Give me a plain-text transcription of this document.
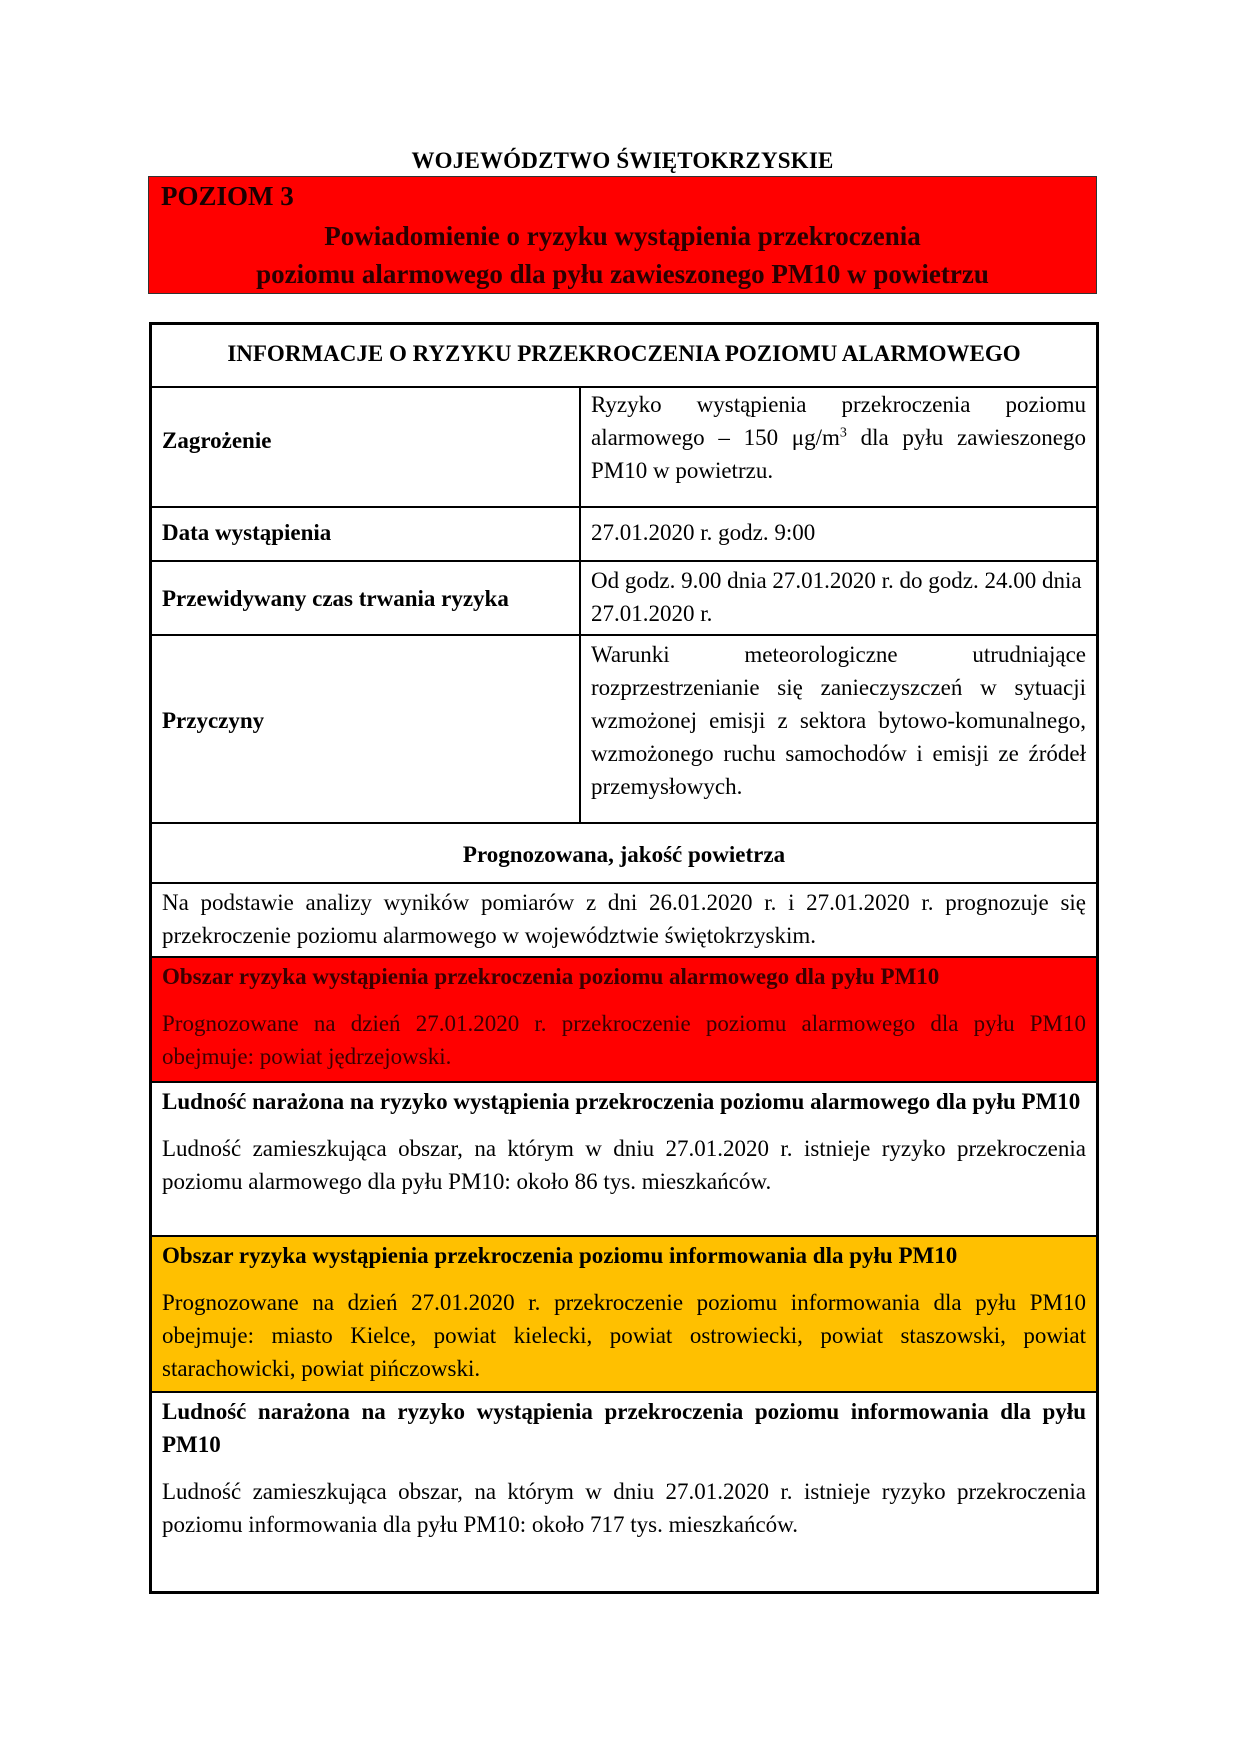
WOJEWÓDZTWO ŚWIĘTOKRZYSKIE
POZIOM 3
Powiadomienie o ryzyku wystąpienia przekroczenia
poziomu alarmowego dla pyłu zawieszonego PM10 w powietrzu
INFORMACJE O RYZYKU PRZEKROCZENIA POZIOMU ALARMOWEGO
Zagrożenie
Ryzyko wystąpienia przekroczenia poziomu alarmowego – 150 $\mu g/m^3$ dla pyłu zawieszonego PM10 w powietrzu.
Data wystąpienia	27.01.2020 r. godz. 9:00
Przewidywany czas trwania ryzyka
Od godz. 9.00 dnia 27.01.2020 r. do godz. 24.00 dnia 27.01.2020 r.
Przyczyny
Warunki meteorologiczne utrudniające rozprzestrzenianie się zanieczyszczeń w sytuacji wzmożonej emisji z sektora bytowo-komunalnego, wzmożonego ruchu samochodów i emisji ze źródeł przemysłowych.
Prognozowana, jakość powietrza
Na podstawie analizy wyników pomiarów z dni 26.01.2020 r. i 27.01.2020 r. prognozuje się przekroczenie poziomu alarmowego w województwie świętokrzyskim.
Obszar ryzyka wystąpienia przekroczenia poziomu alarmowego dla pyłu PM10
Prognozowane na dzień 27.01.2020 r. przekroczenie poziomu alarmowego dla pyłu PM10 obejmuje: powiat jędrzejowski.
Ludność narażona na ryzyko wystąpienia przekroczenia poziomu alarmowego dla pyłu PM10
Ludność zamieszkująca obszar, na którym w dniu 27.01.2020 r. istnieje ryzyko przekroczenia poziomu alarmowego dla pyłu PM10: około 86 tys. mieszkańców.
Obszar ryzyka wystąpienia przekroczenia poziomu informowania dla pyłu PM10
Prognozowane na dzień 27.01.2020 r. przekroczenie poziomu informowania dla pyłu PM10 obejmuje: miasto Kielce, powiat kielecki, powiat ostrowiecki, powiat staszowski, powiat starachowicki, powiat pińczowski.
Ludność narażona na ryzyko wystąpienia przekroczenia poziomu informowania dla pyłu PM10
Ludność zamieszkująca obszar, na którym w dniu 27.01.2020 r. istnieje ryzyko przekroczenia poziomu informowania dla pyłu PM10: około 717 tys. mieszkańców.
